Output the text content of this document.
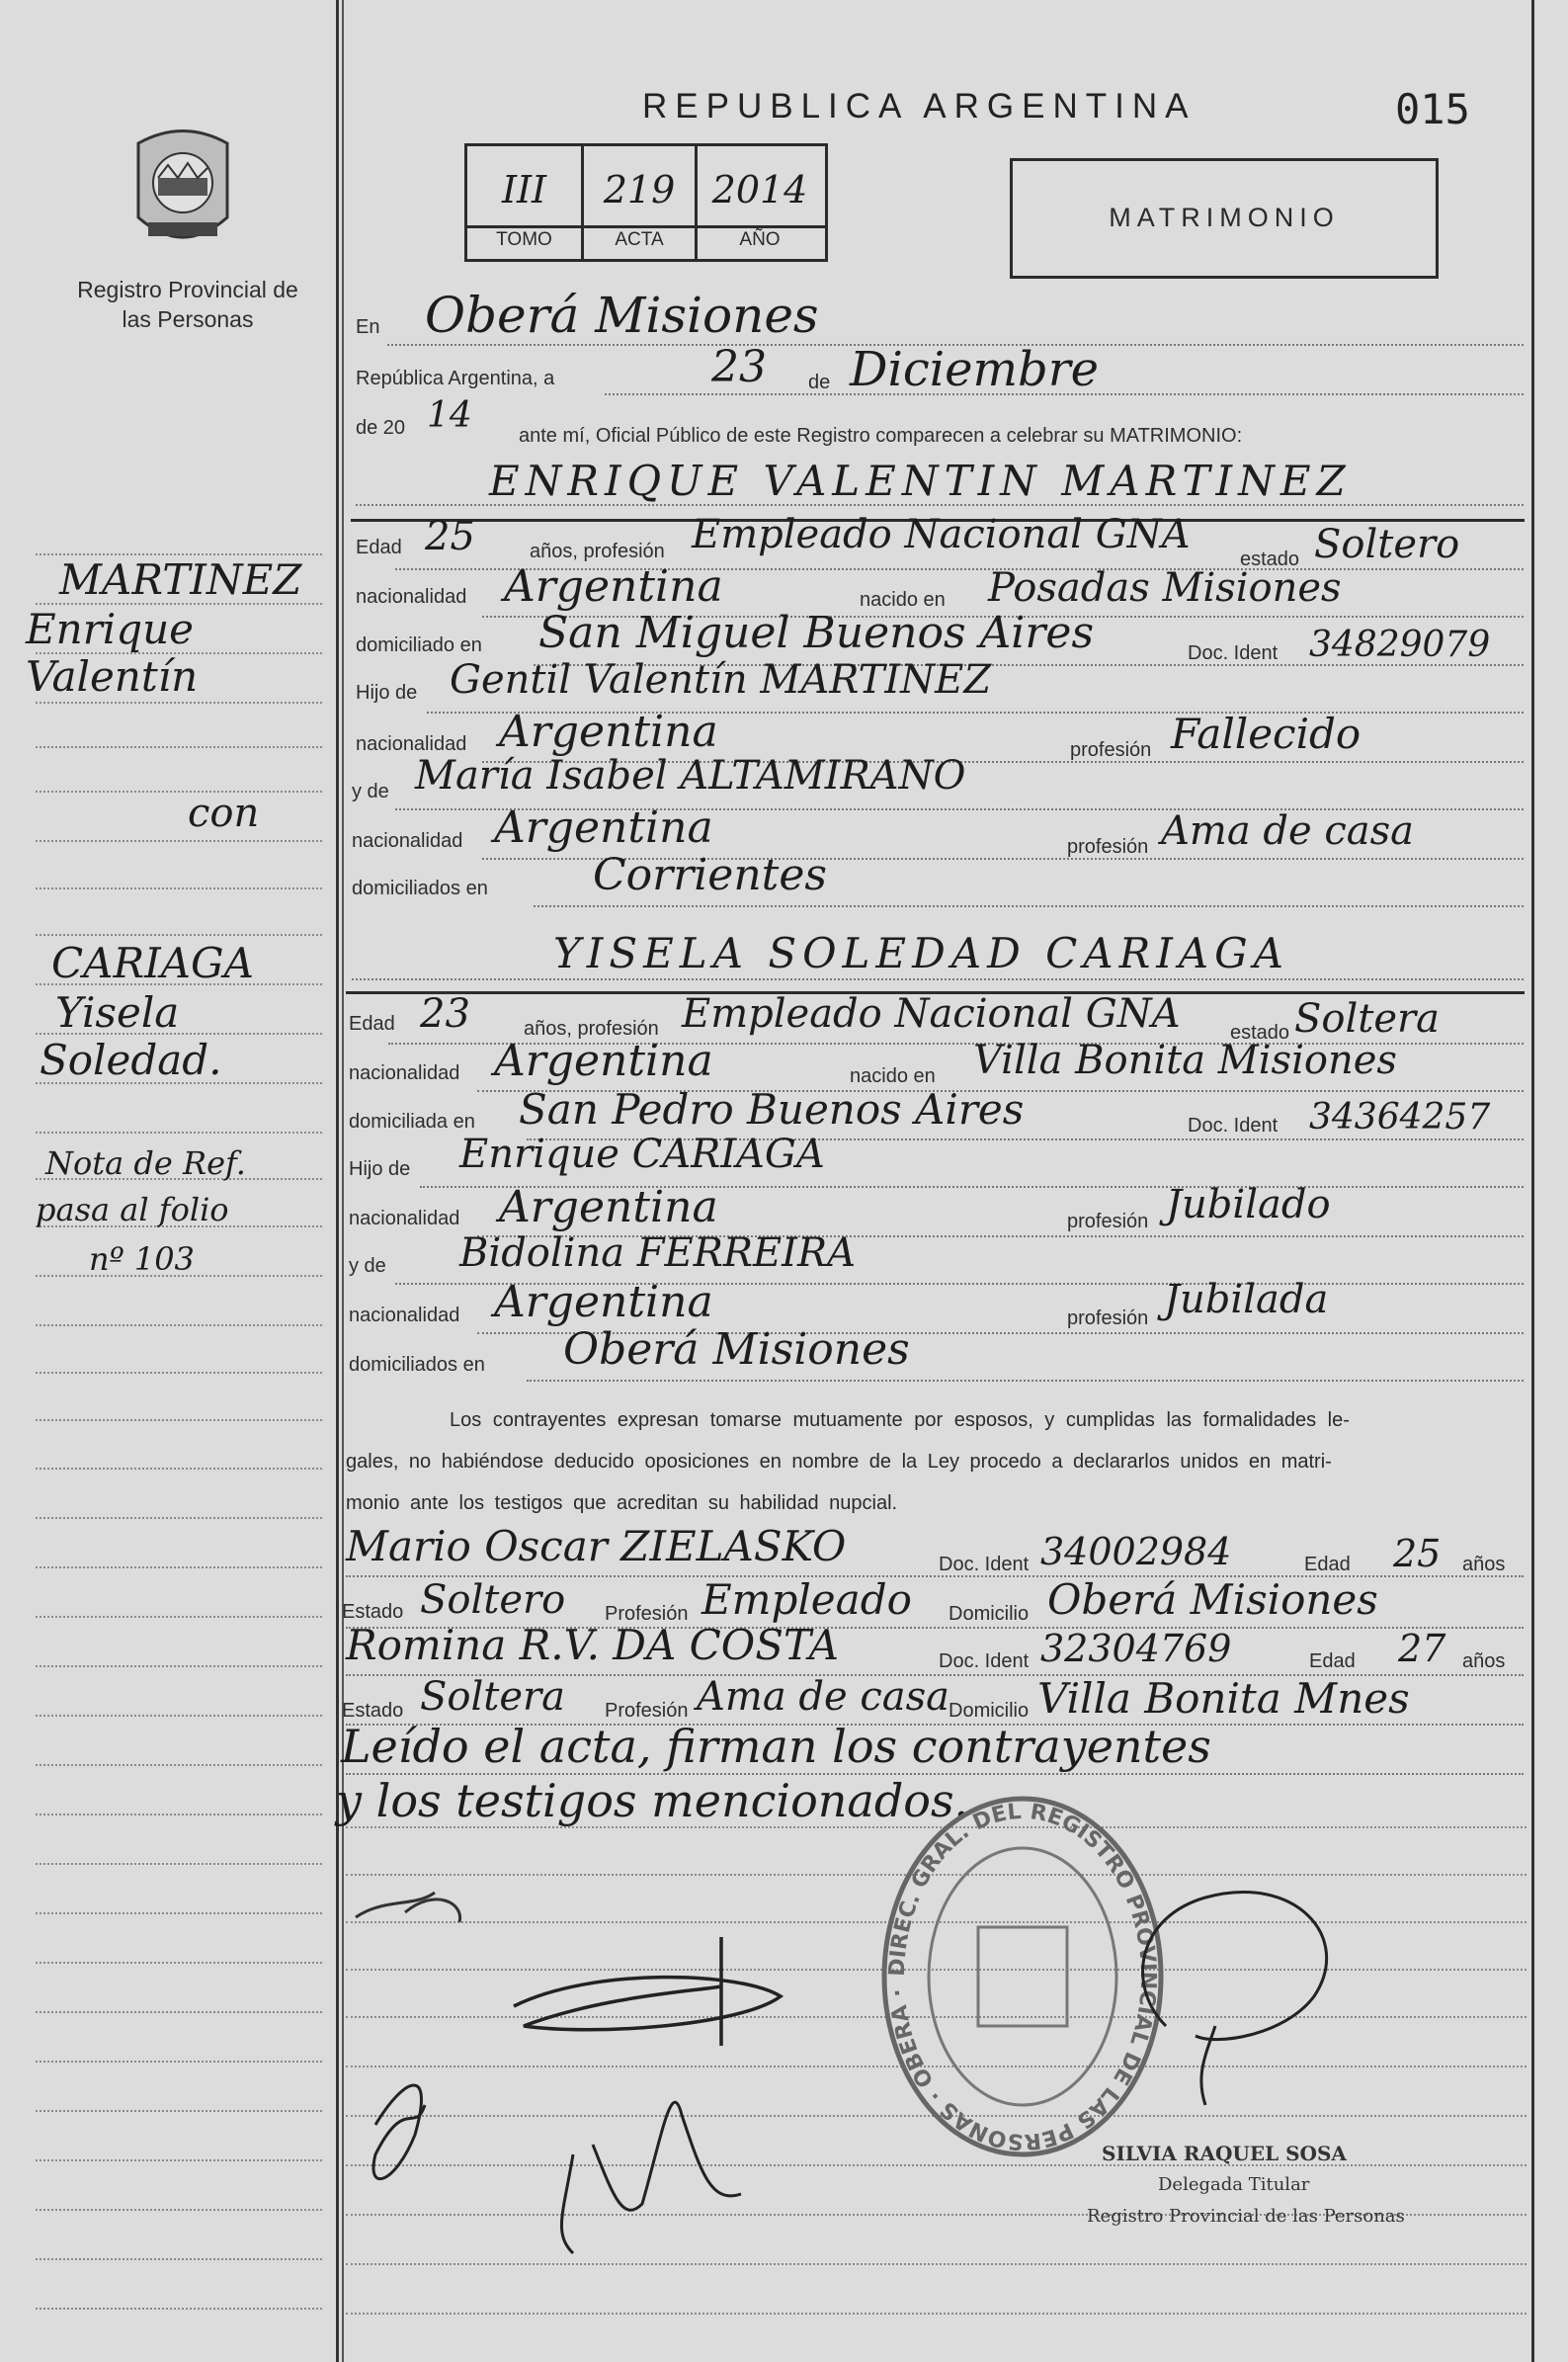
Registro Provincial de las Personas
REPUBLICA ARGENTINA	015
III	219 2014
TOMO	ACTA	AÑO
MATRIMONIO
En Oberá Misiones
República Argentina, a	23 de Diciembre
de 20 14 ante mí, Oficial Público de este Registro comparecen a celebrar su MATRIMONIO:
ENRIQUE VALENTIN MARTINEZ
Edad 25	años, profesión Empleado Nacional GNA
estado Soltero
nacionalidad Argentina	nacido en Posadas Misiones
domiciliado en San Miguel Buenos Aires	Doc. Ident 34829079
Hijo de Gentil Valentín MARTINEZ
nacionalidad Argentina	profesión Fallecido
y de María Isabel ALTAMIRANO
nacionalidad Argentina	profesión Ama de casa
domiciliados en Corrientes
YISELA SOLEDAD CARIAGA
Edad 23	años, profesión Empleado Nacional GNA	estado Soltera
nacionalidad Argentina	nacido en Villa Bonita Misiones
domiciliada en San Pedro Buenos Aires	Doc. Ident 34364257
Hijo de Enrique CARIAGA
nacionalidad Argentina	profesión Jubilado
y de Bidolina FERREIRA
nacionalidad Argentina	profesión Jubilada
domiciliados en Oberá Misiones
Los contrayentes expresan tomarse mutuamente por esposos, y cumplidas las formalidades le-
gales, no habiéndose deducido oposiciones en nombre de la Ley procedo a declararlos unidos en matri-
monio ante los testigos que acreditan su habilidad nupcial.
Mario Oscar ZIELASKO	Doc. Ident 34002984	Edad 25 años
Estado Soltero Profesión Empleado Domicilio Oberá Misiones
Romina R.V. DA COSTA	Doc. Ident 32304769	Edad 27 años
Estado Soltera Profesión Ama de casa Domicilio Villa Bonita Mnes
Leído el acta, firman los contrayentes
y los testigos mencionados.
DIREC. GRAL. DEL REGISTRO PROVINCIAL DE LAS PERSONAS · OBERÁ ·
SILVIA RAQUEL SOSA
Delegada Titular
Registro Provincial de las Personas
MARTINEZ
Enrique
Valentín
con
CARIAGA
Yisela
Soledad.
Nota de Ref.
pasa al folio
nº 103
